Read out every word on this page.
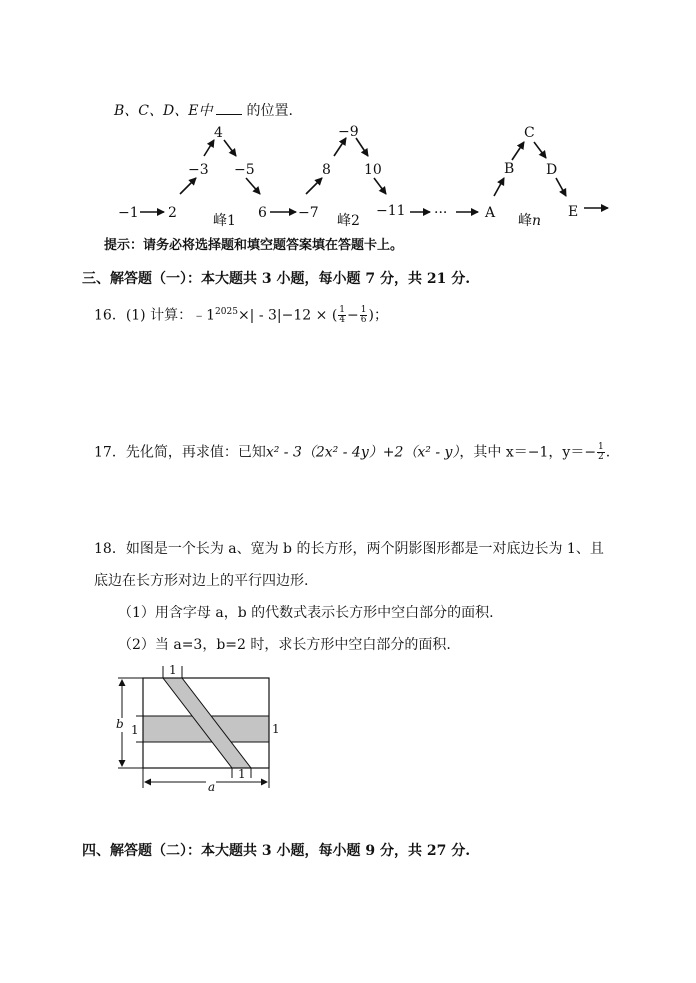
B、C、D、E中 的位置.
−1 2
−3
4
−5
6 −7
8
−9
10
−11 ···	A
B
C
D
E
峰1	峰2	峰n
提示：请务必将选择题和填空题答案填在答题卡上。
三、解答题（一）：本大题共 3 小题，每小题 7 分，共 21 分.
16．(1) 计算：$﹣1^{2025}\times| - 3|-12$ × ( $\frac{1}{4} - \frac{1}{6}$ )；
17．先化简，再求值：已知x² - 3（2x² - 4y）+2（x² - y），其中 x＝−1，$y=- \frac{1}{2}$ .
18．如图是一个长为 a、宽为 b 的长方形，两个阴影图形都是一对底边长为 1、且
底边在长方形对边上的平行四边形.
（1）用含字母 a，b 的代数式表示长方形中空白部分的面积.
（2）当 a=3，b=2 时，求长方形中空白部分的面积.
1
1	1
1
b
a
四、解答题（二）：本大题共 3 小题，每小题 9 分，共 27 分.
